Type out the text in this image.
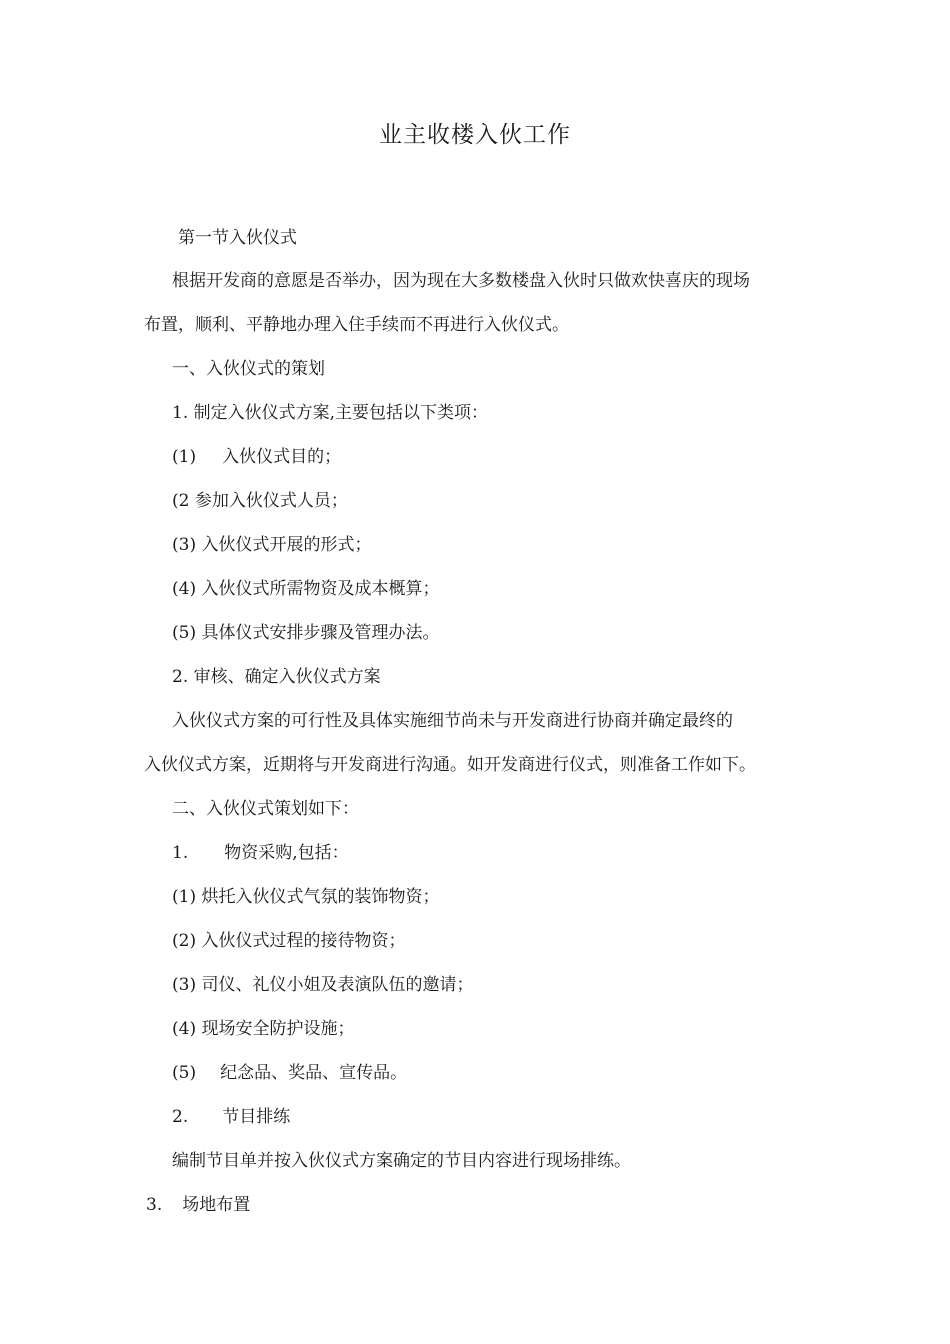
业主收楼入伙工作
第一节入伙仪式
根据开发商的意愿是否举办，因为现在大多数楼盘入伙时只做欢快喜庆的现场
布置，顺利、平静地办理入住手续而不再进行入伙仪式。
一、入伙仪式的策划
1. 制定入伙仪式方案,主要包括以下类项：
(1) 入伙仪式目的；
(2 参加入伙仪式人员；
(3) 入伙仪式开展的形式；
(4) 入伙仪式所需物资及成本概算；
(5) 具体仪式安排步骤及管理办法。
2. 审核、确定入伙仪式方案
入伙仪式方案的可行性及具体实施细节尚未与开发商进行协商并确定最终的
入伙仪式方案，近期将与开发商进行沟通。如开发商进行仪式，则准备工作如下。
二、入伙仪式策划如下：
1. 物资采购,包括：
(1) 烘托入伙仪式气氛的装饰物资；
(2) 入伙仪式过程的接待物资；
(3) 司仪、礼仪小姐及表演队伍的邀请；
(4) 现场安全防护设施；
(5) 纪念品、奖品、宣传品。
2. 节目排练
编制节目单并按入伙仪式方案确定的节目内容进行现场排练。
3. 场地布置
